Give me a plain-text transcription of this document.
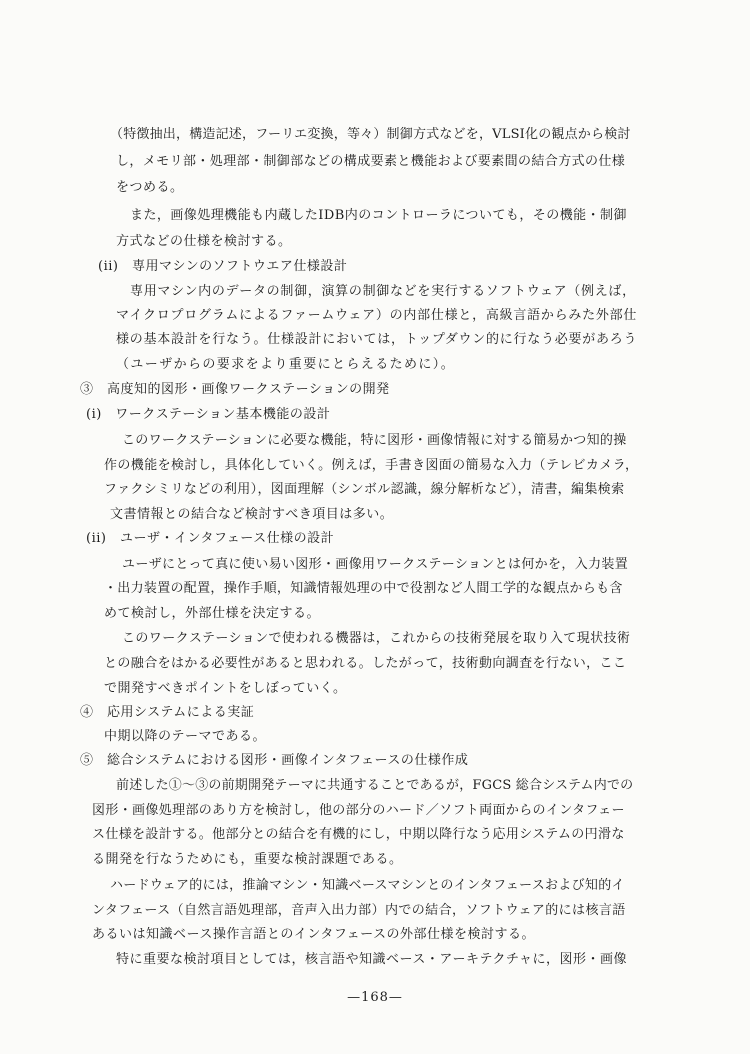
（特徴抽出，構造記述，フーリエ変換，等々）制御方式などを，VLSI化の観点から検討
し，メモリ部・処理部・制御部などの構成要素と機能および要素間の結合方式の仕様
をつめる。
また，画像処理機能も内蔵したIDB内のコントローラについても，その機能・制御
方式などの仕様を検討する。
(ii)　専用マシンのソフトウエア仕様設計
専用マシン内のデータの制御，演算の制御などを実行するソフトウェア（例えば，
マイクロプログラムによるファームウェア）の内部仕様と，高級言語からみた外部仕
様の基本設計を行なう。仕様設計においては，トップダウン的に行なう必要があろう
（ユーザからの要求をより重要にとらえるために）。
③　高度知的図形・画像ワークステーションの開発
(i)　ワークステーション基本機能の設計
このワークステーションに必要な機能，特に図形・画像情報に対する簡易かつ知的操
作の機能を検討し，具体化していく。例えば，手書き図面の簡易な入力（テレビカメラ，
ファクシミリなどの利用），図面理解（シンボル認識，線分解析など），清書，編集検索
文書情報との結合など検討すべき項目は多い。
(ii)　ユーザ・インタフェース仕様の設計
ユーザにとって真に使い易い図形・画像用ワークステーションとは何かを，入力装置
・出力装置の配置，操作手順，知識情報処理の中で役割など人間工学的な観点からも含
めて検討し，外部仕様を決定する。
このワークステーションで使われる機器は，これからの技術発展を取り入て現状技術
との融合をはかる必要性があると思われる。したがって，技術動向調査を行ない，ここ
で開発すべきポイントをしぼっていく。
④　応用システムによる実証
中期以降のテーマである。
⑤　総合システムにおける図形・画像インタフェースの仕様作成
前述した①〜③の前期開発テーマに共通することであるが，FGCS 総合システム内での
図形・画像処理部のあり方を検討し，他の部分のハード／ソフト両面からのインタフェー
ス仕様を設計する。他部分との結合を有機的にし，中期以降行なう応用システムの円滑な
る開発を行なうためにも，重要な検討課題である。
ハードウェア的には，推論マシン・知識ベースマシンとのインタフェースおよび知的イ
ンタフェース（自然言語処理部，音声入出力部）内での結合，ソフトウェア的には核言語
あるいは知識ベース操作言語とのインタフェースの外部仕様を検討する。
特に重要な検討項目としては，核言語や知識ベース・アーキテクチャに，図形・画像
—168—
